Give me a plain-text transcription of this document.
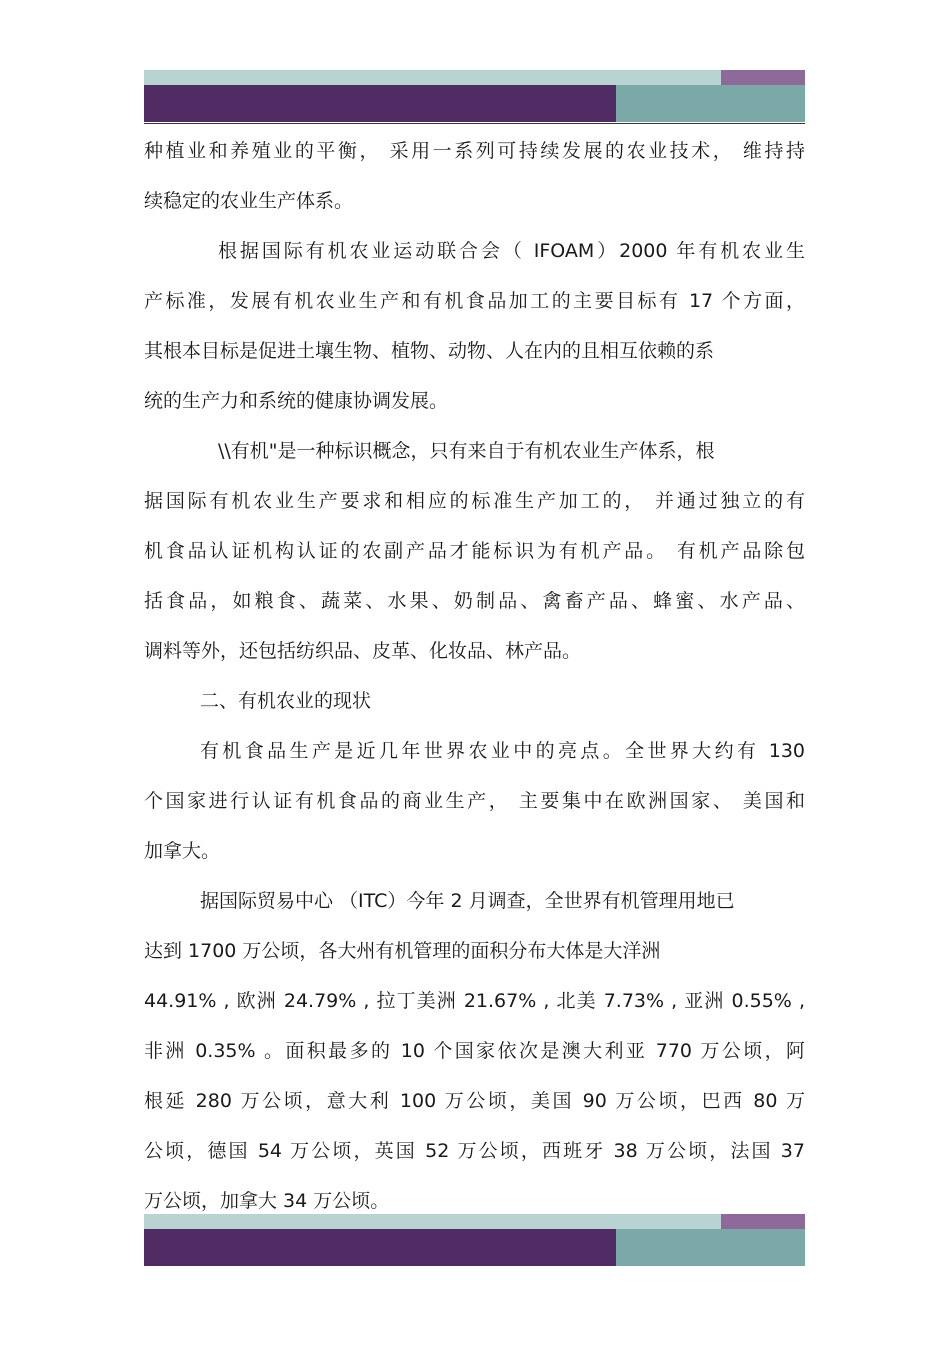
种植业和养殖业的平衡， 采用一系列可持续发展的农业技术， 维持持
续稳定的农业生产体系。
根据国际有机农业运动联合会（ IFOAM）2000 年有机农业生
产标准，发展有机农业生产和有机食品加工的主要目标有 17 个方面，
其根本目标是促进土壤生物、植物、动物、人在内的且相互依赖的系
统的生产力和系统的健康协调发展。
\\有机"是一种标识概念，只有来自于有机农业生产体系，根
据国际有机农业生产要求和相应的标准生产加工的， 并通过独立的有
机食品认证机构认证的农副产品才能标识为有机产品。 有机产品除包
括食品，如粮食、蔬菜、水果、奶制品、禽畜产品、蜂蜜、水产品、
调料等外，还包括纺织品、皮革、化妆品、林产品。
二、有机农业的现状
有机食品生产是近几年世界农业中的亮点。全世界大约有 130
个国家进行认证有机食品的商业生产， 主要集中在欧洲国家、 美国和
加拿大。
据国际贸易中心 （ITC）今年 2 月调查，全世界有机管理用地已
达到 1700 万公顷，各大州有机管理的面积分布大体是大洋洲
44.91% , 欧洲 24.79% , 拉丁美洲 21.67% , 北美 7.73% , 亚洲 0.55% ,
非洲 0.35% 。面积最多的 10 个国家依次是澳大利亚 770 万公顷，阿
根延 280 万公顷，意大利 100 万公顷，美国 90 万公顷，巴西 80 万
公顷，德国 54 万公顷，英国 52 万公顷，西班牙 38 万公顷，法国 37
万公顷，加拿大 34 万公顷。
